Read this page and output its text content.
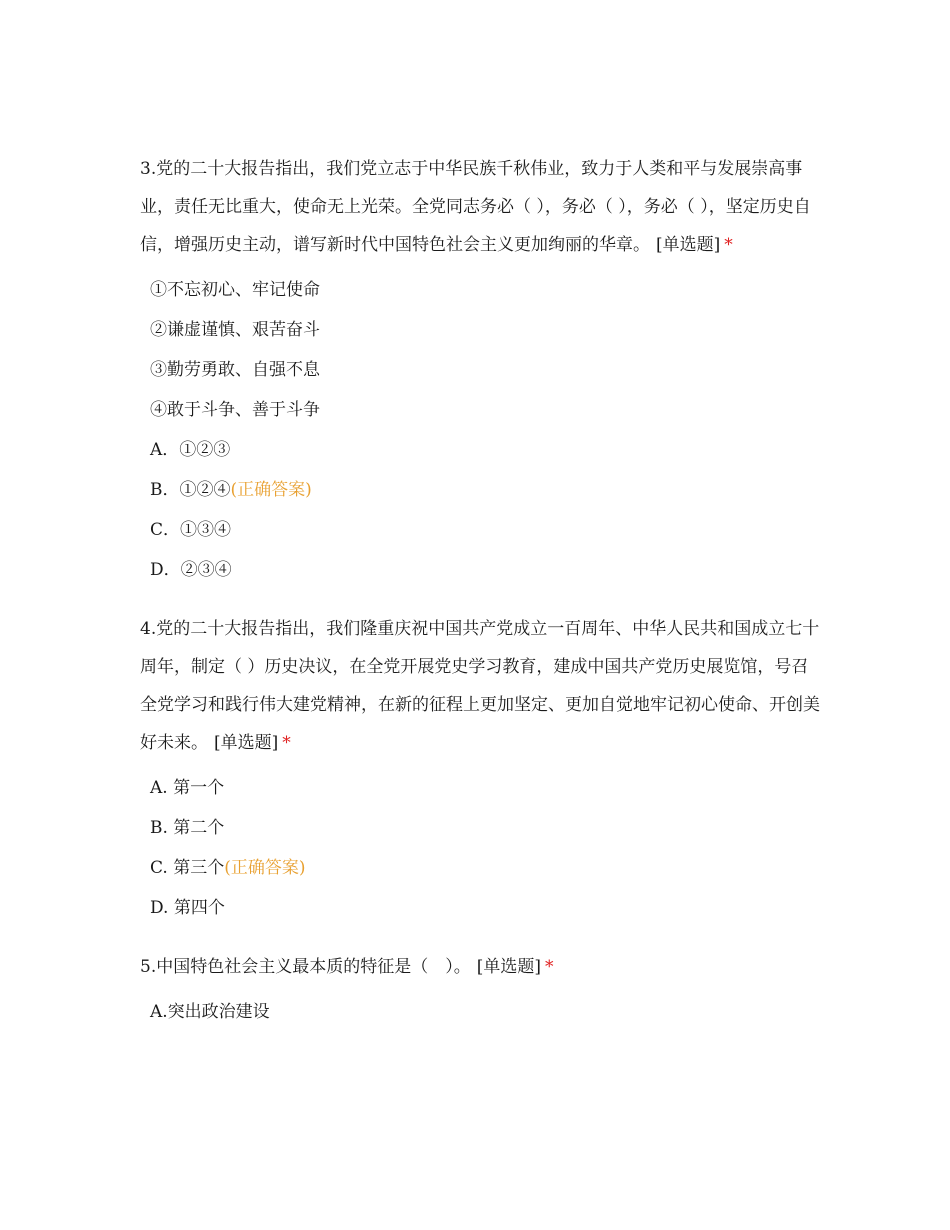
3.党的二十大报告指出，我们党立志于中华民族千秋伟业，致力于人类和平与发展崇高事业，责任无比重大，使命无上光荣。全党同志务必（ ），务必（ ），务必（ ），坚定历史自信，增强历史主动，谱写新时代中国特色社会主义更加绚丽的华章。 [单选题] *

①不忘初心、牢记使命
②谦虚谨慎、艰苦奋斗
③勤劳勇敢、自强不息
④敢于斗争、善于斗争
A．①②③
B．①②④(正确答案)
C．①③④
D．②③④

4.党的二十大报告指出，我们隆重庆祝中国共产党成立一百周年、中华人民共和国成立七十周年，制定（ ）历史决议，在全党开展党史学习教育，建成中国共产党历史展览馆，号召全党学习和践行伟大建党精神，在新的征程上更加坚定、更加自觉地牢记初心使命、开创美好未来。 [单选题] *

A. 第一个
B. 第二个
C. 第三个(正确答案)
D. 第四个

5.中国特色社会主义最本质的特征是（　）。 [单选题] *

A.突出政治建设
